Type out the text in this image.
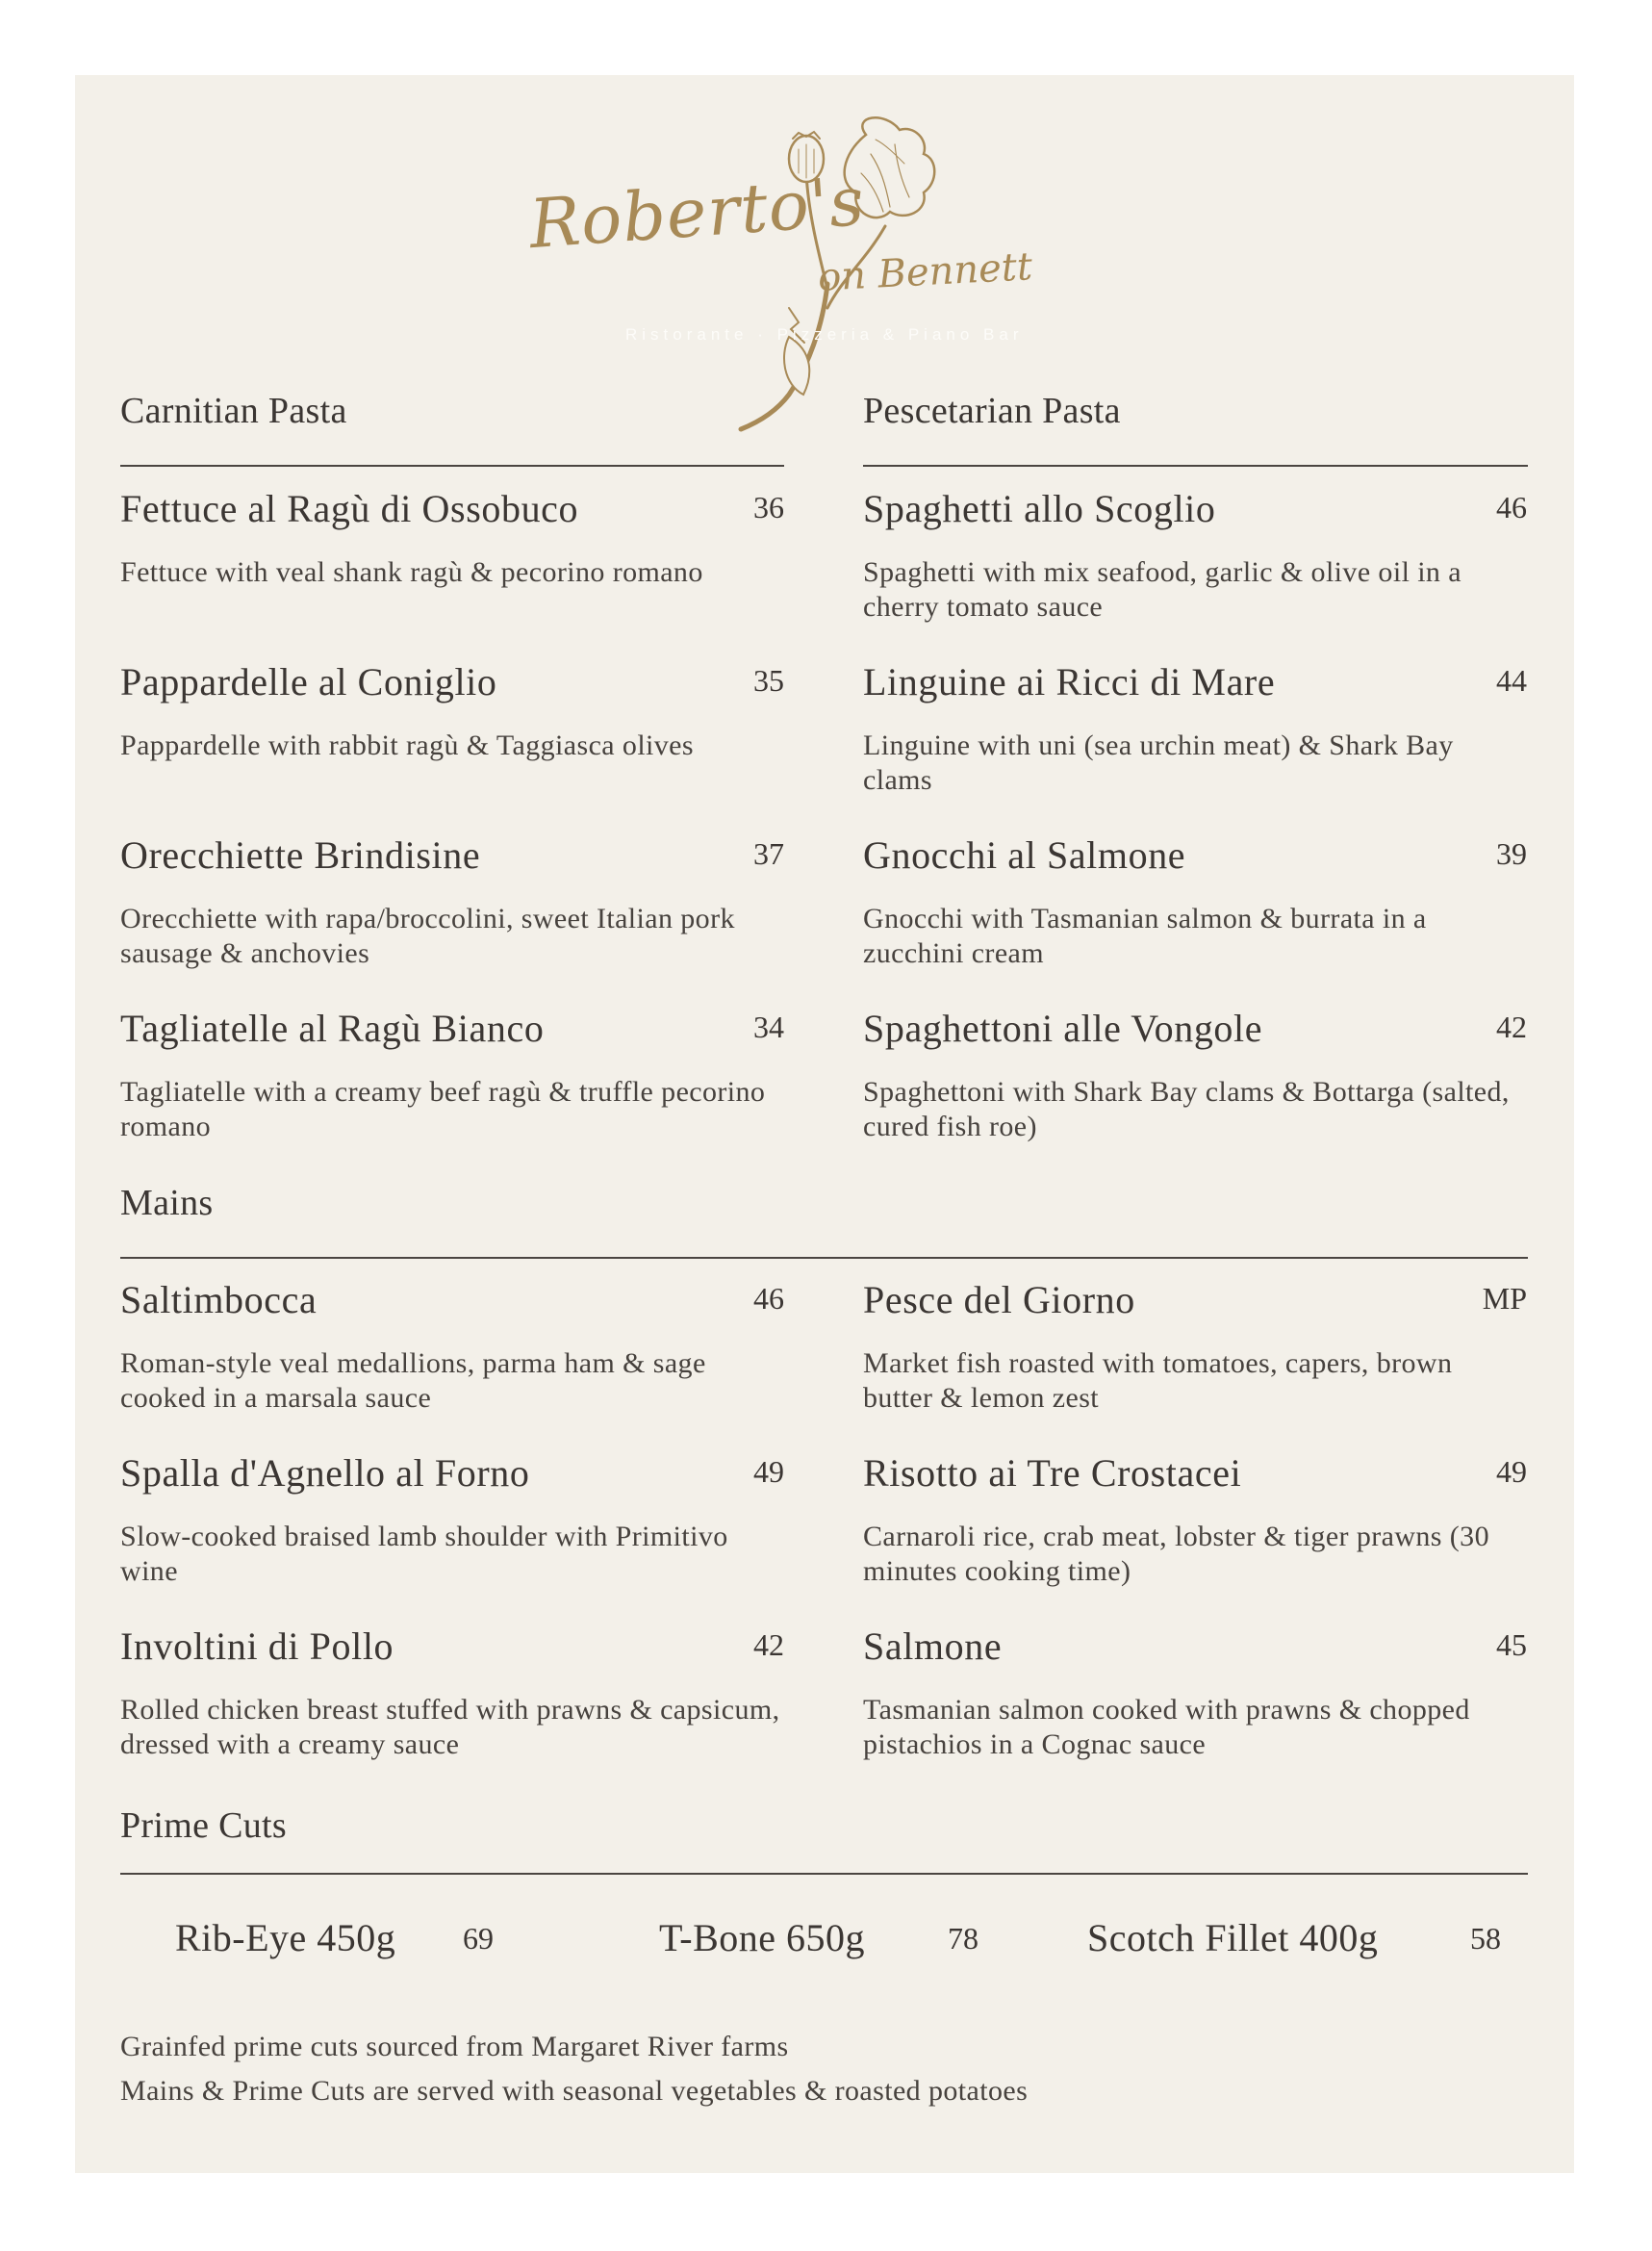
Roberto's
on Bennett
Ristorante · Pizzeria & Piano Bar
Carnitian Pasta
Fettuce al Ragù di Ossobuco	36
Fettuce with veal shank ragù & pecorino romano
Pappardelle al Coniglio	35
Pappardelle with rabbit ragù & Taggiasca olives
Orecchiette Brindisine	37
Orecchiette with rapa/broccolini, sweet Italian pork sausage & anchovies
Tagliatelle al Ragù Bianco	34
Tagliatelle with a creamy beef ragù & truffle pecorino romano
Pescetarian Pasta
Spaghetti allo Scoglio	46
Spaghetti with mix seafood, garlic & olive oil in a cherry tomato sauce
Linguine ai Ricci di Mare	44
Linguine with uni (sea urchin meat) & Shark Bay clams
Gnocchi al Salmone	39
Gnocchi with Tasmanian salmon & burrata in a zucchini cream
Spaghettoni alle Vongole	42
Spaghettoni with Shark Bay clams & Bottarga (salted, cured fish roe)
Mains
Saltimbocca	46
Roman-style veal medallions, parma ham & sage cooked in a marsala sauce
Spalla d'Agnello al Forno	49
Slow-cooked braised lamb shoulder with Primitivo wine
Involtini di Pollo	42
Rolled chicken breast stuffed with prawns & capsicum, dressed with a creamy sauce
Pesce del Giorno	MP
Market fish roasted with tomatoes, capers, brown butter & lemon zest
Risotto ai Tre Crostacei	49
Carnaroli rice, crab meat, lobster & tiger prawns (30 minutes cooking time)
Salmone	45
Tasmanian salmon cooked with prawns & chopped pistachios in a Cognac sauce
Prime Cuts
Rib-Eye 450g 69	T-Bone 650g	78	Scotch Fillet 400g	58
Grainfed prime cuts sourced from Margaret River farms
Mains & Prime Cuts are served with seasonal vegetables & roasted potatoes
